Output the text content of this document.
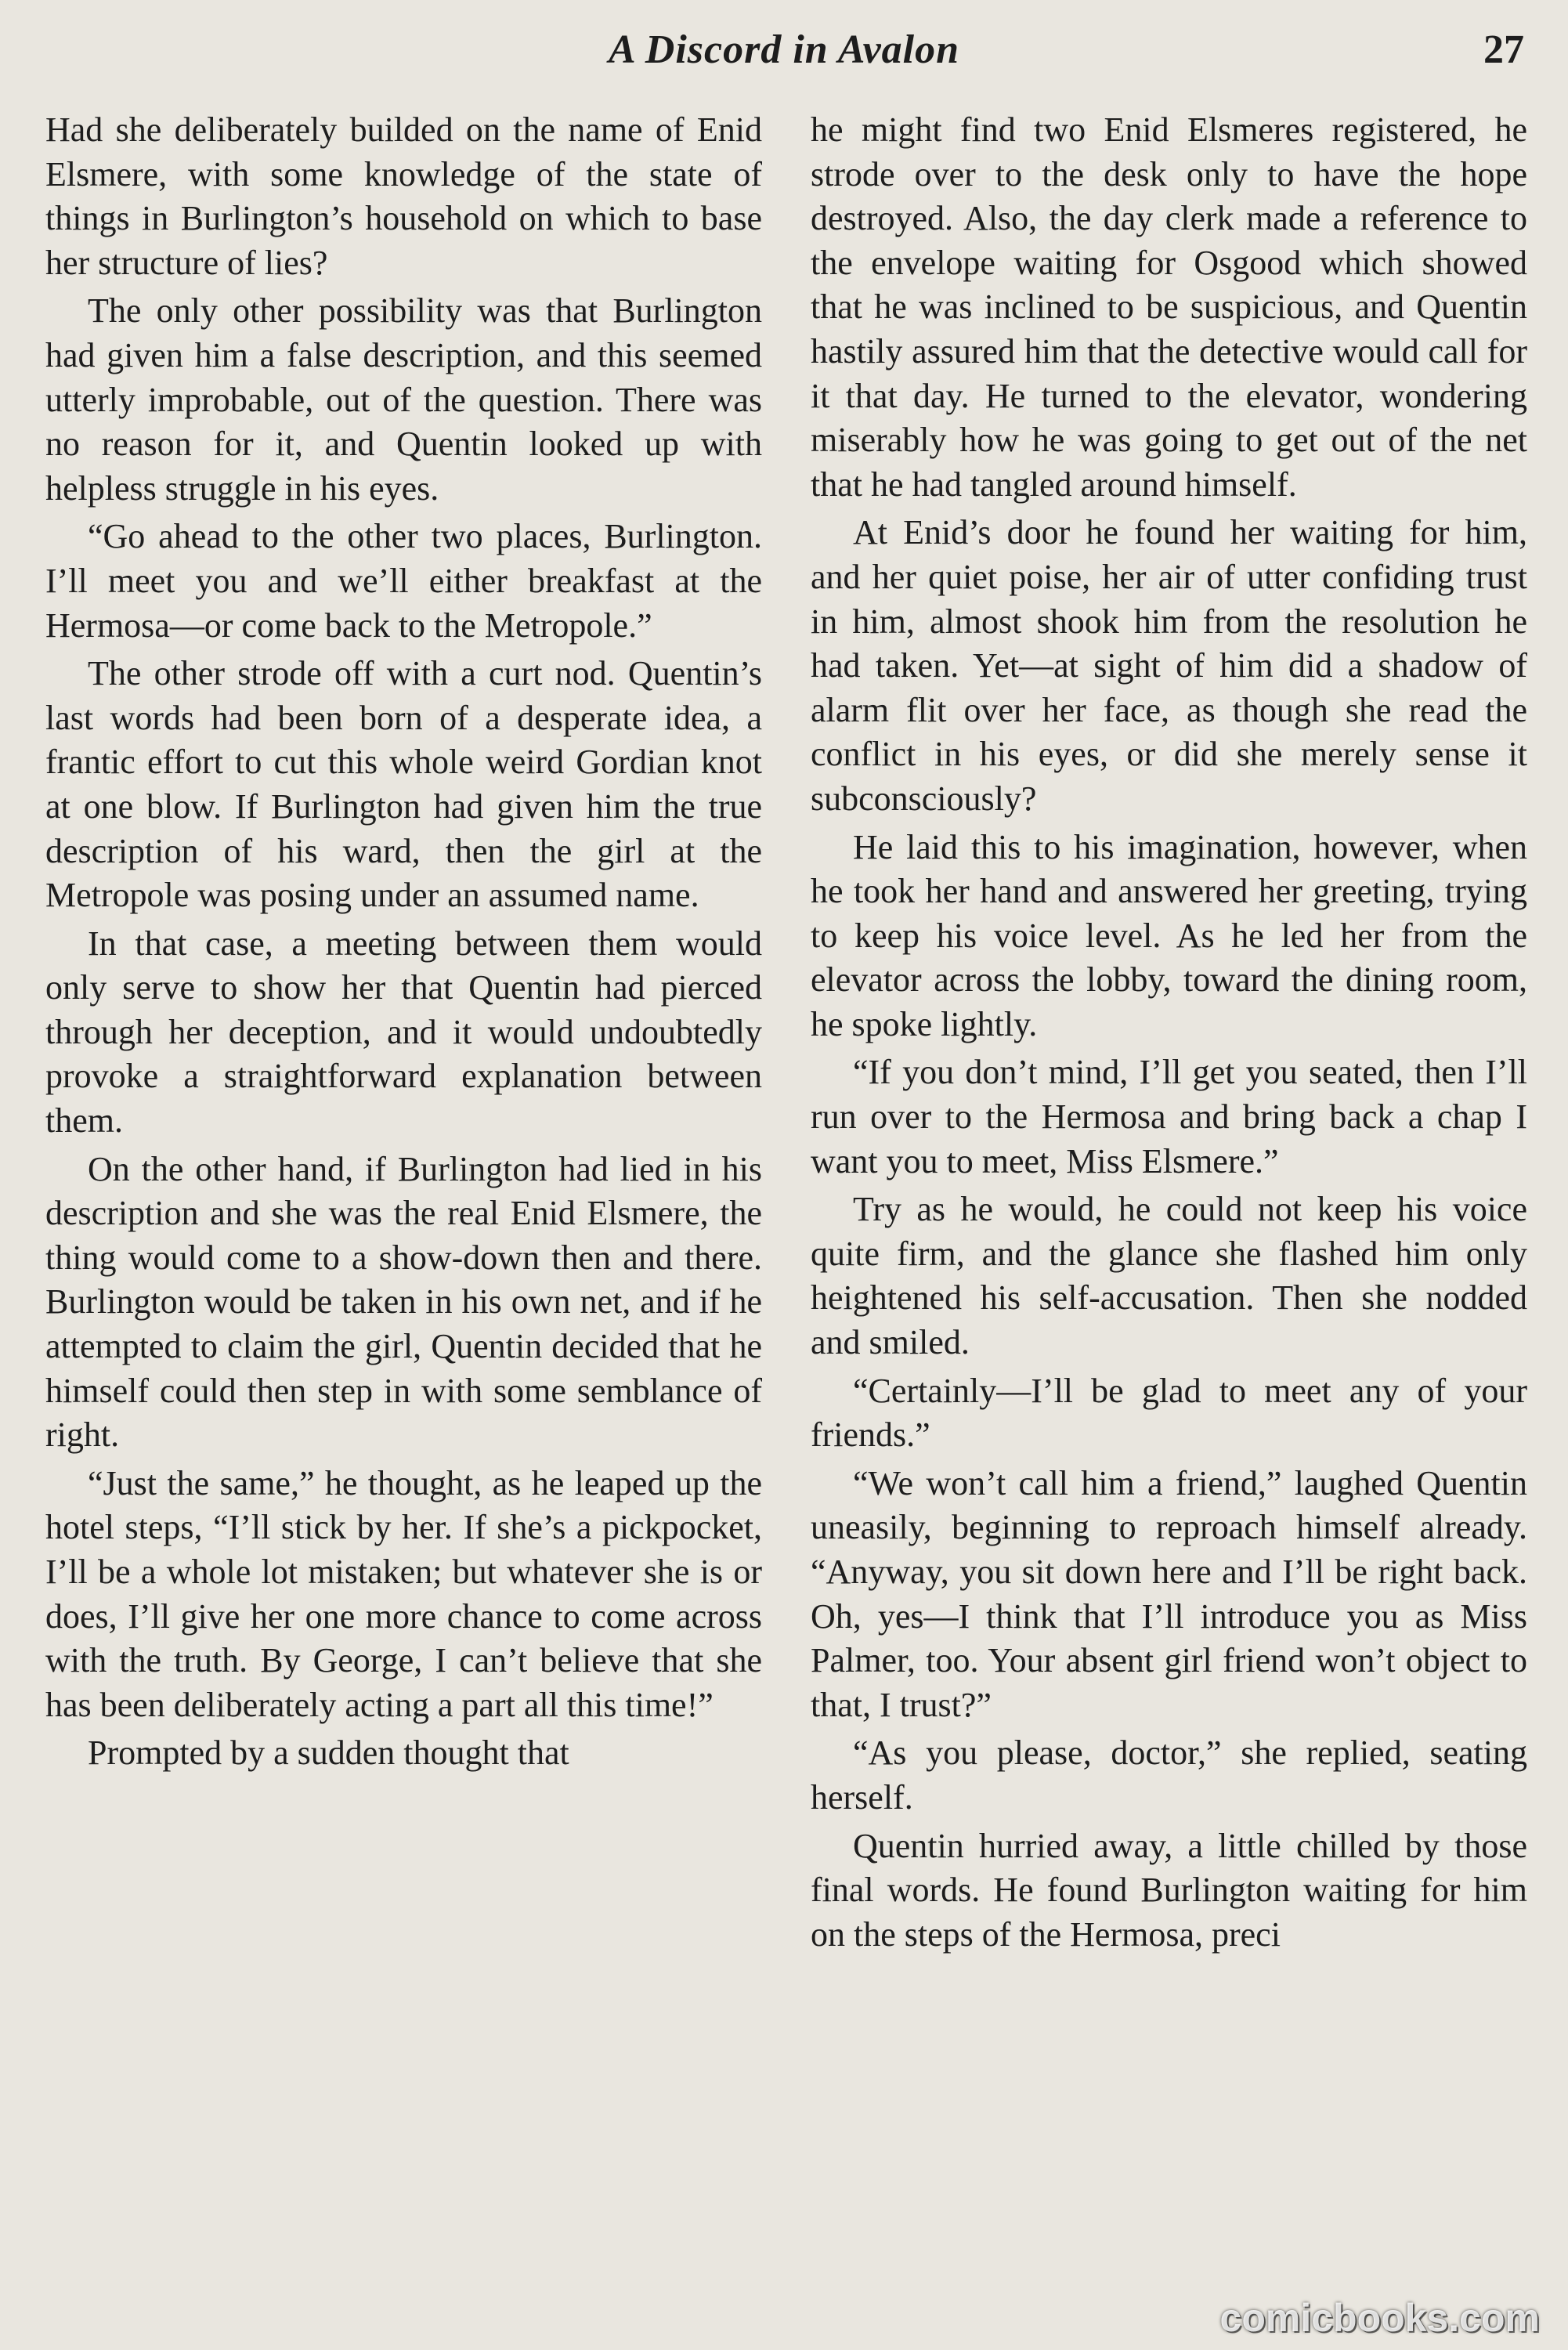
A Discord in Avalon	27

Had she deliberately builded on the name of Enid Elsmere, with some knowledge of the state of things in Burlington’s household on which to base her structure of lies?

The only other possibility was that Burlington had given him a false description, and this seemed utterly improbable, out of the question. There was no reason for it, and Quentin looked up with helpless struggle in his eyes.

“Go ahead to the other two places, Burlington. I’ll meet you and we’ll either breakfast at the Hermosa—or come back to the Metropole.”

The other strode off with a curt nod. Quentin’s last words had been born of a desperate idea, a frantic effort to cut this whole weird Gordian knot at one blow. If Burlington had given him the true description of his ward, then the girl at the Metropole was posing under an assumed name.

In that case, a meeting between them would only serve to show her that Quentin had pierced through her deception, and it would undoubtedly provoke a straightforward explanation between them.

On the other hand, if Burlington had lied in his description and she was the real Enid Elsmere, the thing would come to a show-down then and there. Burlington would be taken in his own net, and if he attempted to claim the girl, Quentin decided that he himself could then step in with some semblance of right.

“Just the same,” he thought, as he leaped up the hotel steps, “I’ll stick by her. If she’s a pickpocket, I’ll be a whole lot mistaken; but whatever she is or does, I’ll give her one more chance to come across with the truth. By George, I can’t believe that she has been deliberately acting a part all this time!”

Prompted by a sudden thought that

he might find two Enid Elsmeres registered, he strode over to the desk only to have the hope destroyed. Also, the day clerk made a reference to the envelope waiting for Osgood which showed that he was inclined to be suspicious, and Quentin hastily assured him that the detective would call for it that day. He turned to the elevator, wondering miserably how he was going to get out of the net that he had tangled around himself.

At Enid’s door he found her waiting for him, and her quiet poise, her air of utter confiding trust in him, almost shook him from the resolution he had taken. Yet—at sight of him did a shadow of alarm flit over her face, as though she read the conflict in his eyes, or did she merely sense it subconsciously?

He laid this to his imagination, however, when he took her hand and answered her greeting, trying to keep his voice level. As he led her from the elevator across the lobby, toward the dining room, he spoke lightly.

“If you don’t mind, I’ll get you seated, then I’ll run over to the Hermosa and bring back a chap I want you to meet, Miss Elsmere.”

Try as he would, he could not keep his voice quite firm, and the glance she flashed him only heightened his self-accusation. Then she nodded and smiled.

“Certainly—I’ll be glad to meet any of your friends.”

“We won’t call him a friend,” laughed Quentin uneasily, beginning to reproach himself already. “Anyway, you sit down here and I’ll be right back. Oh, yes—I think that I’ll introduce you as Miss Palmer, too. Your absent girl friend won’t object to that, I trust?”

“As you please, doctor,” she replied, seating herself.

Quentin hurried away, a little chilled by those final words. He found Burlington waiting for him on the steps of the Hermosa, preci

comicbooks.com
